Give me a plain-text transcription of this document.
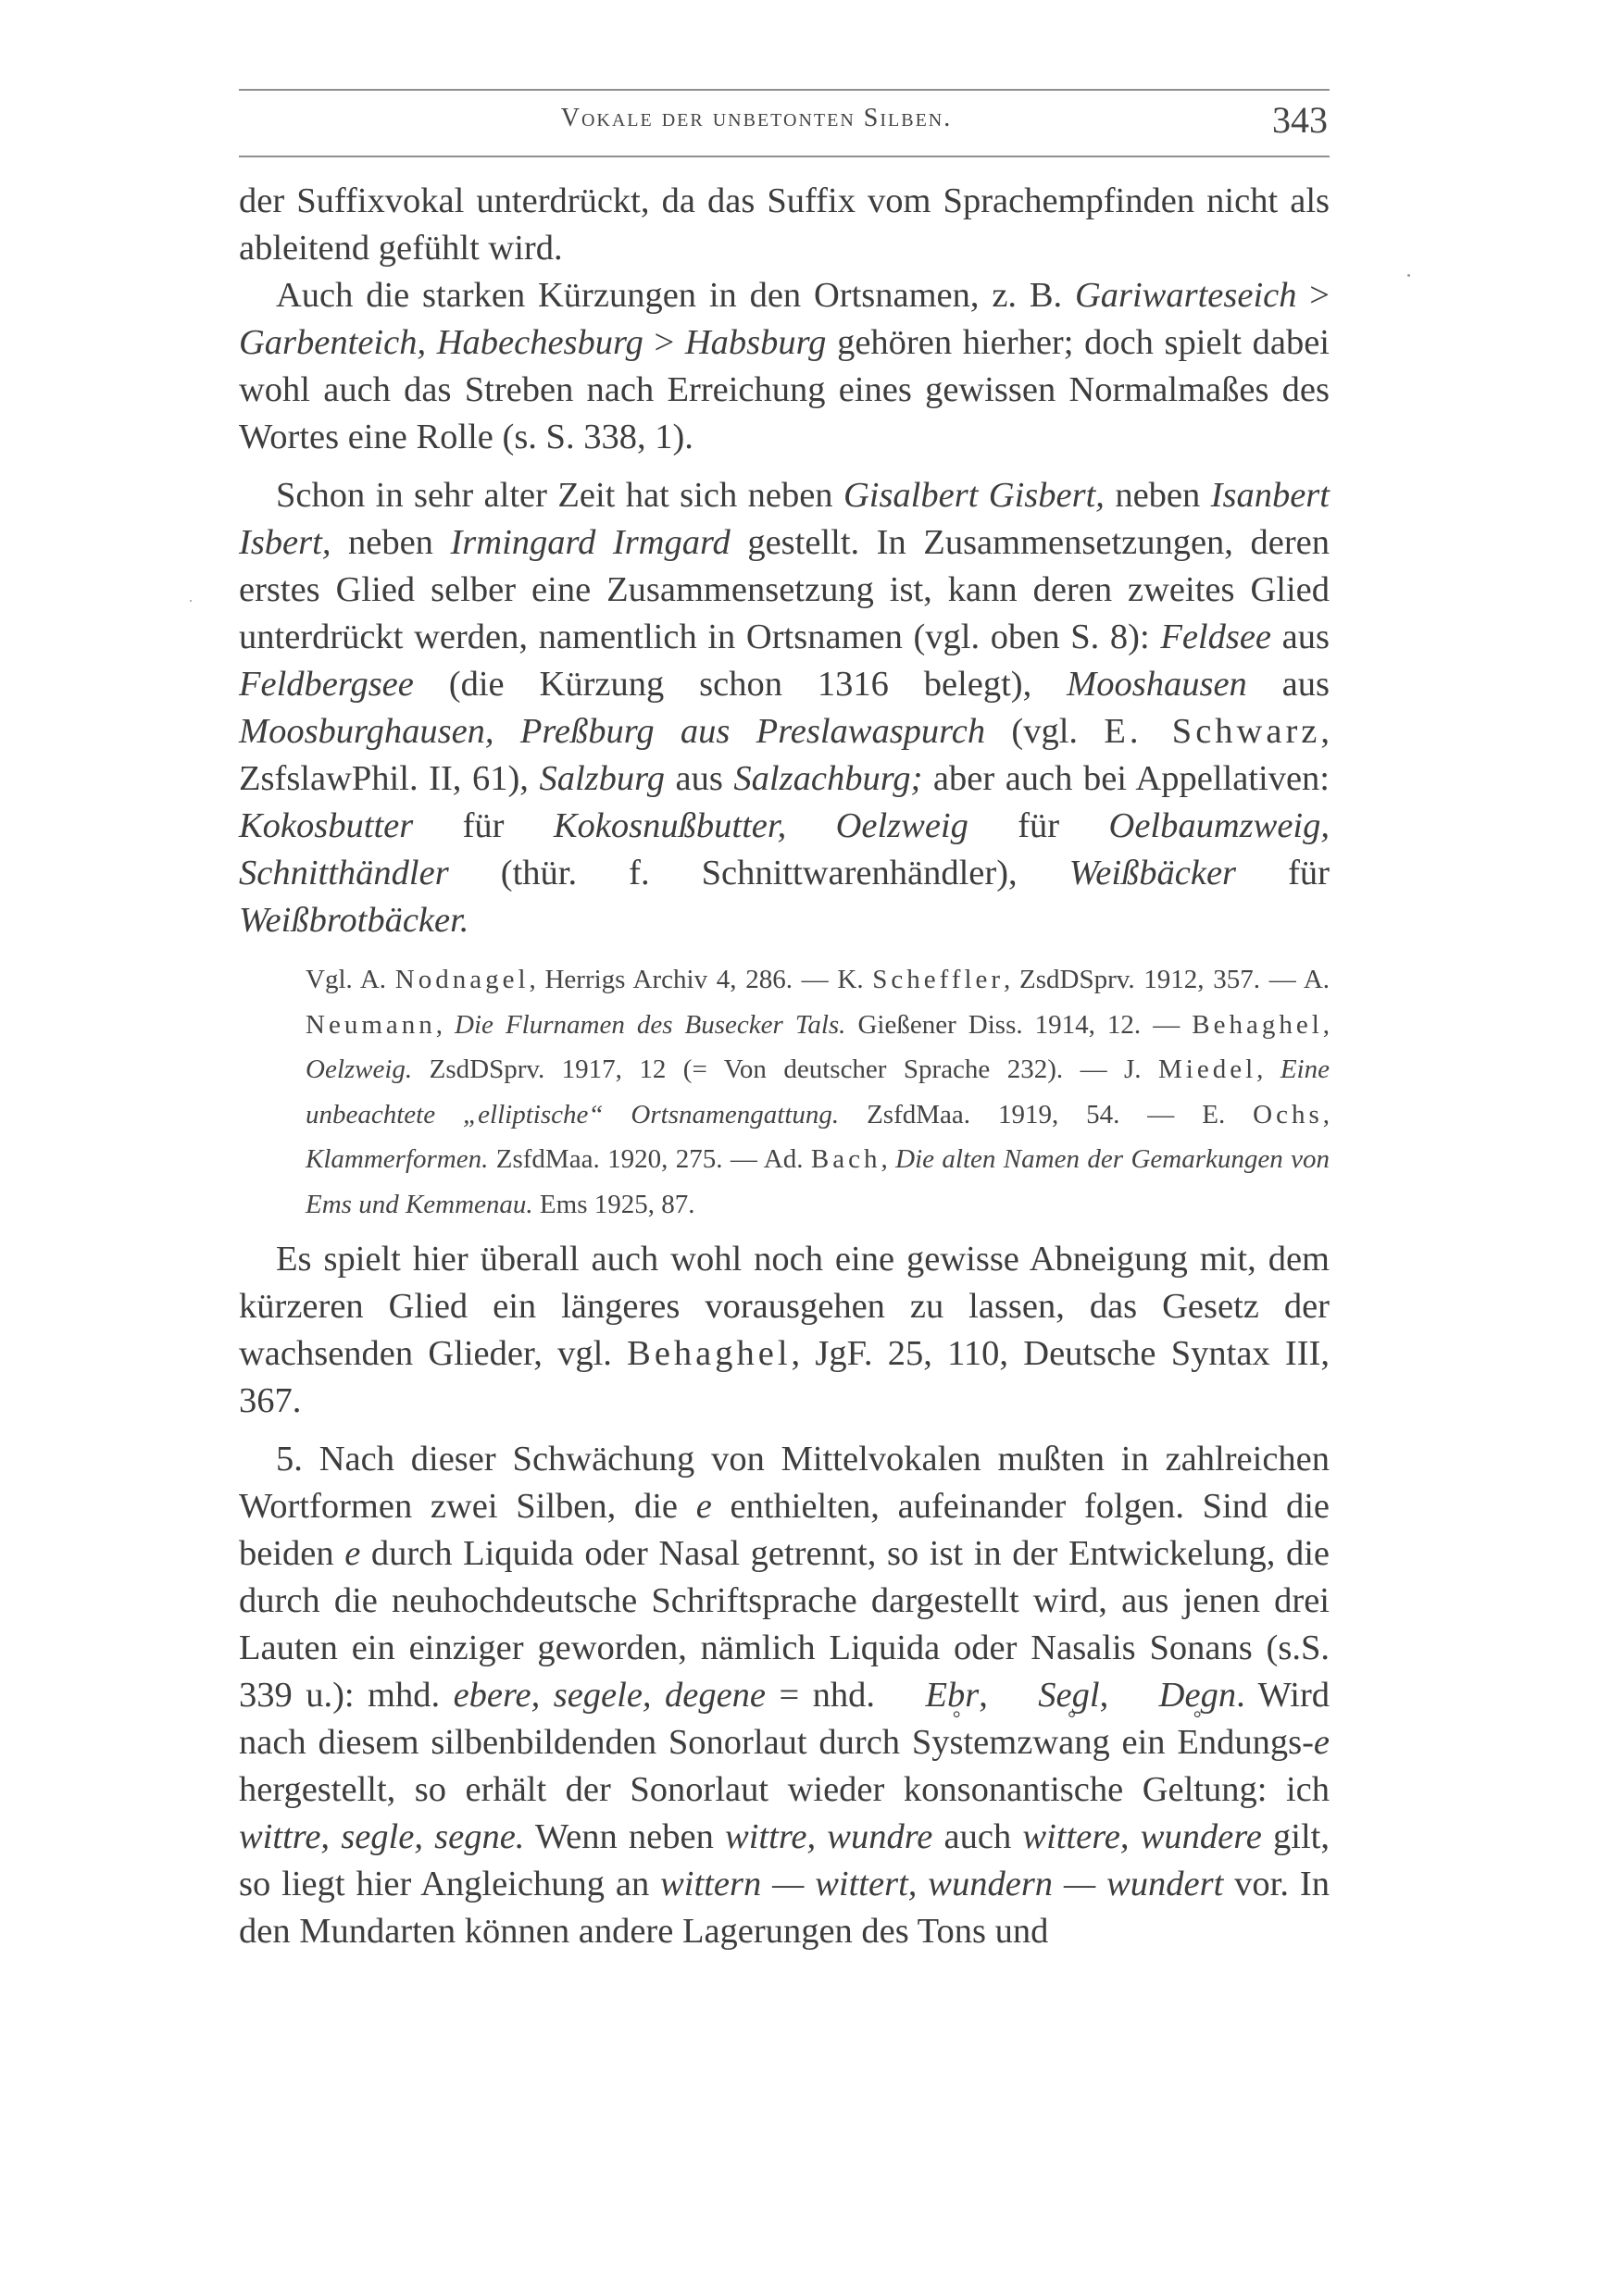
Vokale der unbetonten Silben.	343

der Suffixvokal unterdrückt, da das Suffix vom Sprachempfinden nicht als ableitend gefühlt wird.

Auch die starken Kürzungen in den Ortsnamen, z. B. Gariwarteseich > Garbenteich, Habechesburg > Habsburg gehören hierher; doch spielt dabei wohl auch das Streben nach Erreichung eines gewissen Normalmaßes des Wortes eine Rolle (s. S. 338, 1).

Schon in sehr alter Zeit hat sich neben Gisalbert Gisbert, neben Isanbert Isbert, neben Irmingard Irmgard gestellt. In Zusammensetzungen, deren erstes Glied selber eine Zusammensetzung ist, kann deren zweites Glied unterdrückt werden, namentlich in Ortsnamen (vgl. oben S. 8): Feldsee aus Feldbergsee (die Kürzung schon 1316 belegt), Mooshausen aus Moosburghausen, Preßburg aus Preslawaspurch (vgl. E. Schwarz, ZsfslawPhil. II, 61), Salzburg aus Salzachburg; aber auch bei Appellativen: Kokosbutter für Kokosnußbutter, Oelzweig für Oelbaumzweig, Schnitthändler (thür. f. Schnittwarenhändler), Weißbäcker für Weißbrotbäcker.

Vgl. A. Nodnagel, Herrigs Archiv 4, 286. — K. Scheffler, ZsdDSprv. 1912, 357. — A. Neumann, Die Flurnamen des Busecker Tals. Gießener Diss. 1914, 12. — Behaghel, Oelzweig. ZsdDSprv. 1917, 12 (= Von deutscher Sprache 232). — J. Miedel, Eine unbeachtete „elliptische“ Ortsnamengattung. ZsfdMaa. 1919, 54. — E. Ochs, Klammerformen. ZsfdMaa. 1920, 275. — Ad. Bach, Die alten Namen der Gemarkungen von Ems und Kemmenau. Ems 1925, 87.

Es spielt hier überall auch wohl noch eine gewisse Abneigung mit, dem kürzeren Glied ein längeres vorausgehen zu lassen, das Gesetz der wachsenden Glieder, vgl. Behaghel, JgF. 25, 110, Deutsche Syntax III, 367.

5. Nach dieser Schwächung von Mittelvokalen mußten in zahlreichen Wortformen zwei Silben, die e enthielten, aufeinander folgen. Sind die beiden e durch Liquida oder Nasal getrennt, so ist in der Entwickelung, die durch die neuhochdeutsche Schriftsprache dargestellt wird, aus jenen drei Lauten ein einziger geworden, nämlich Liquida oder Nasalis Sonans (s.S. 339 u.): mhd. ebere, segele, degene = nhd. Ebr °, Segl °, Degn °. Wird nach diesem silbenbildenden Sonorlaut durch Systemzwang ein Endungs-e hergestellt, so erhält der Sonorlaut wieder konsonantische Geltung: ich wittre, segle, segne. Wenn neben wittre, wundre auch wittere, wundere gilt, so liegt hier Angleichung an wittern — wittert, wundern — wundert vor. In den Mundarten können andere Lagerungen des Tons und
